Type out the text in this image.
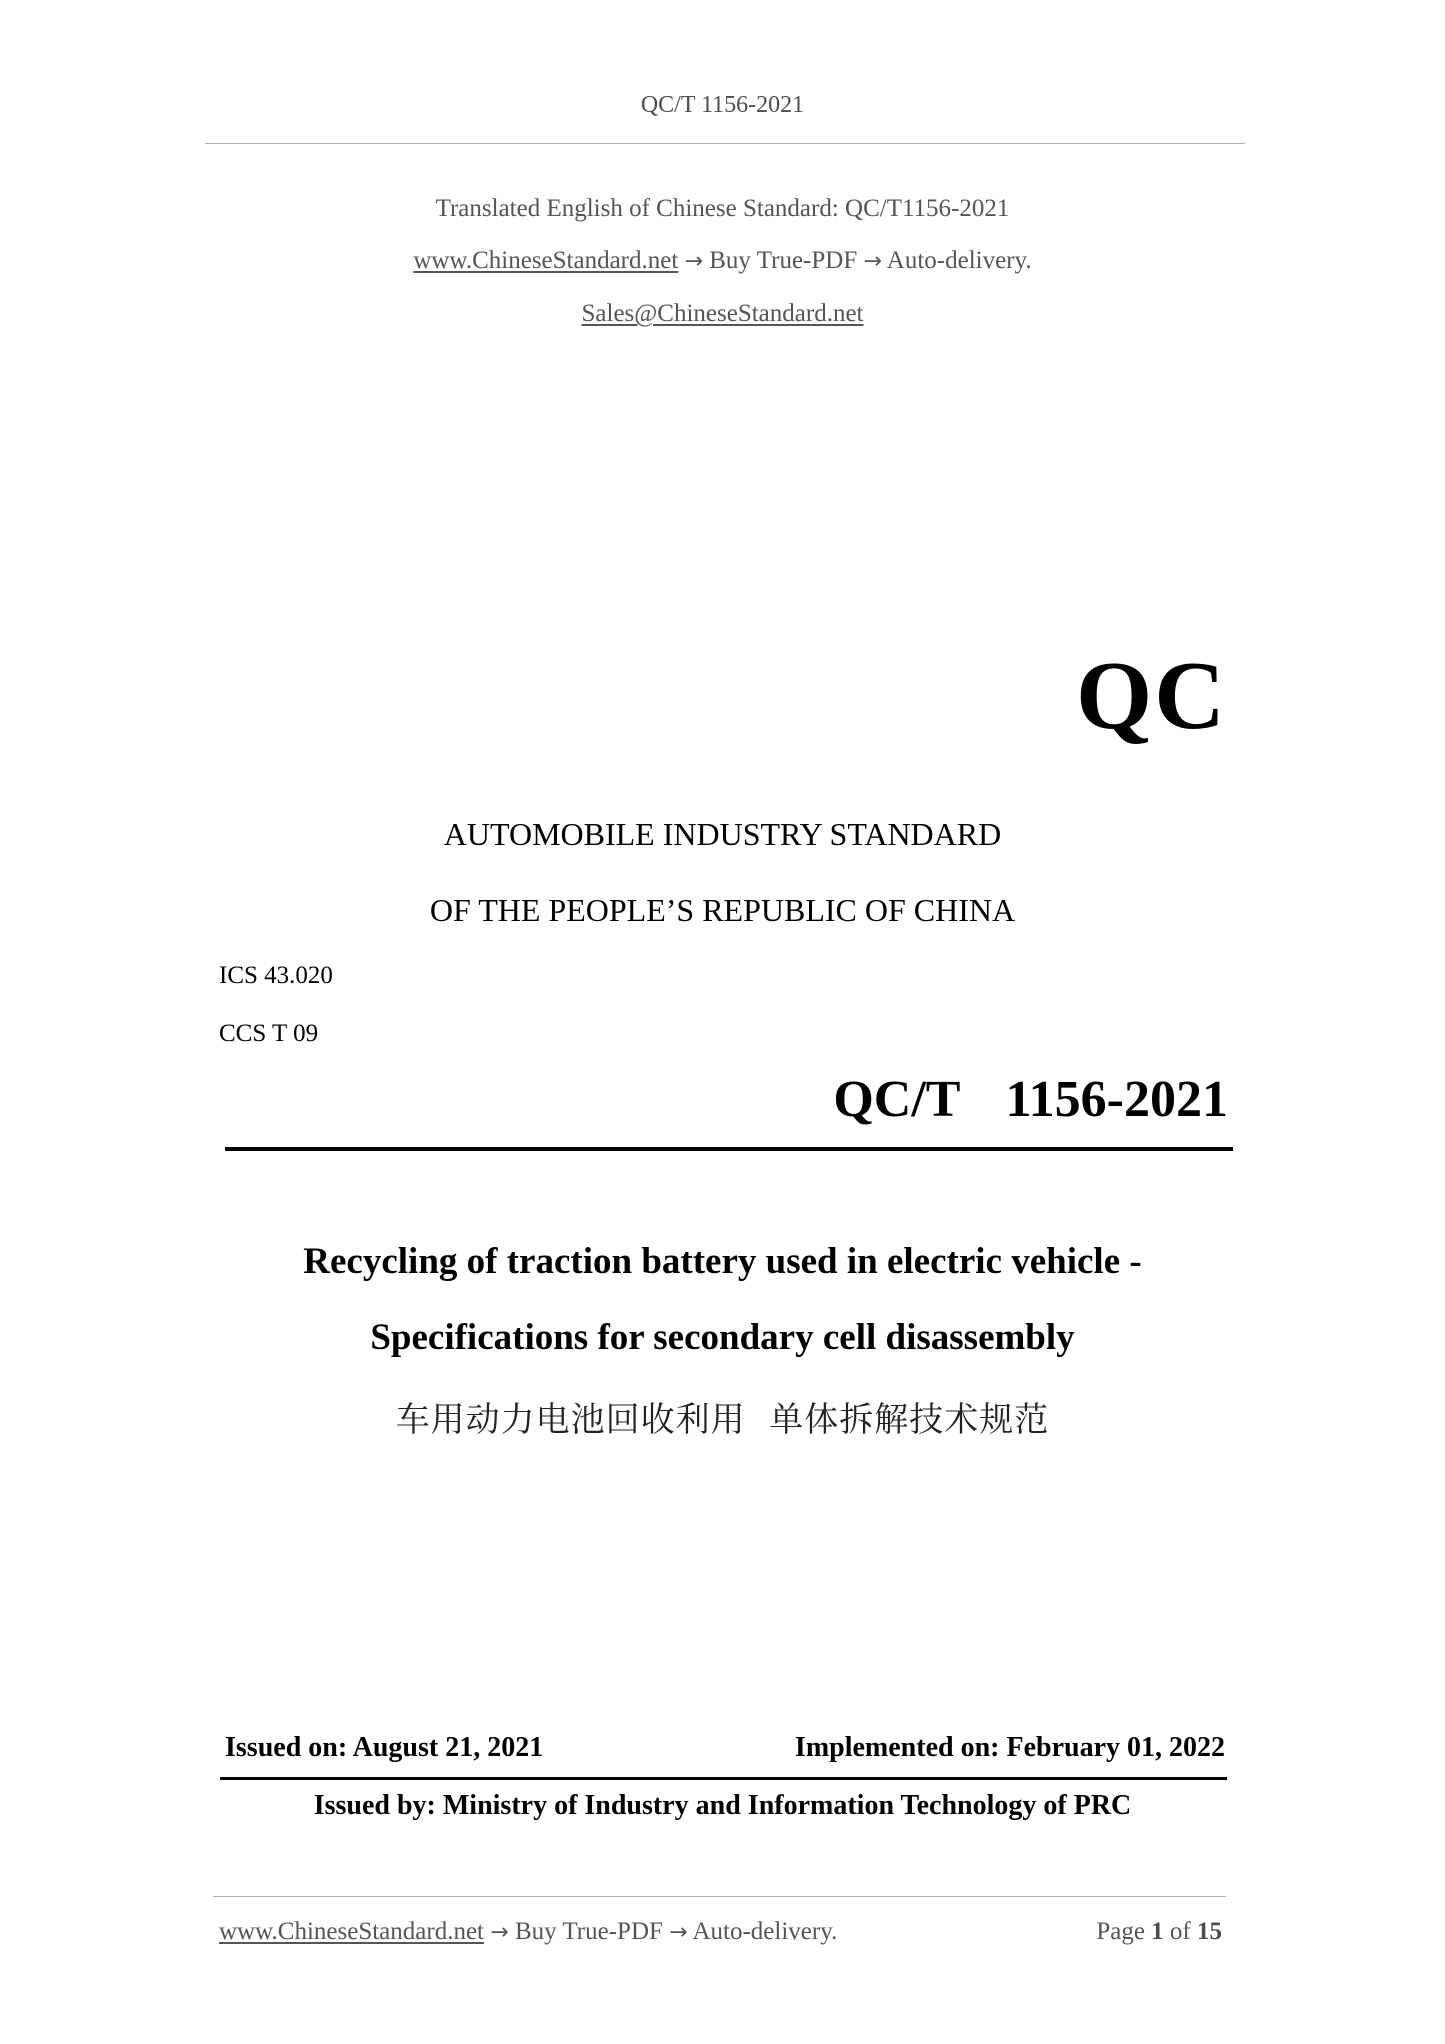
QC/T 1156-2021
Translated English of Chinese Standard: QC/T1156-2021
www.ChineseStandard.net → Buy True-PDF → Auto-delivery.
Sales@ChineseStandard.net
QC
AUTOMOBILE INDUSTRY STANDARD
OF THE PEOPLE’S REPUBLIC OF CHINA
ICS 43.020
CCS T 09
QC/T  1156-2021
Recycling of traction battery used in electric vehicle -
Specifications for secondary cell disassembly
车用动力电池回收利用  单体拆解技术规范
Issued on: August 21, 2021	Implemented on: February 01, 2022
Issued by: Ministry of Industry and Information Technology of PRC
www.ChineseStandard.net → Buy True-PDF → Auto-delivery.	Page 1 of 15
